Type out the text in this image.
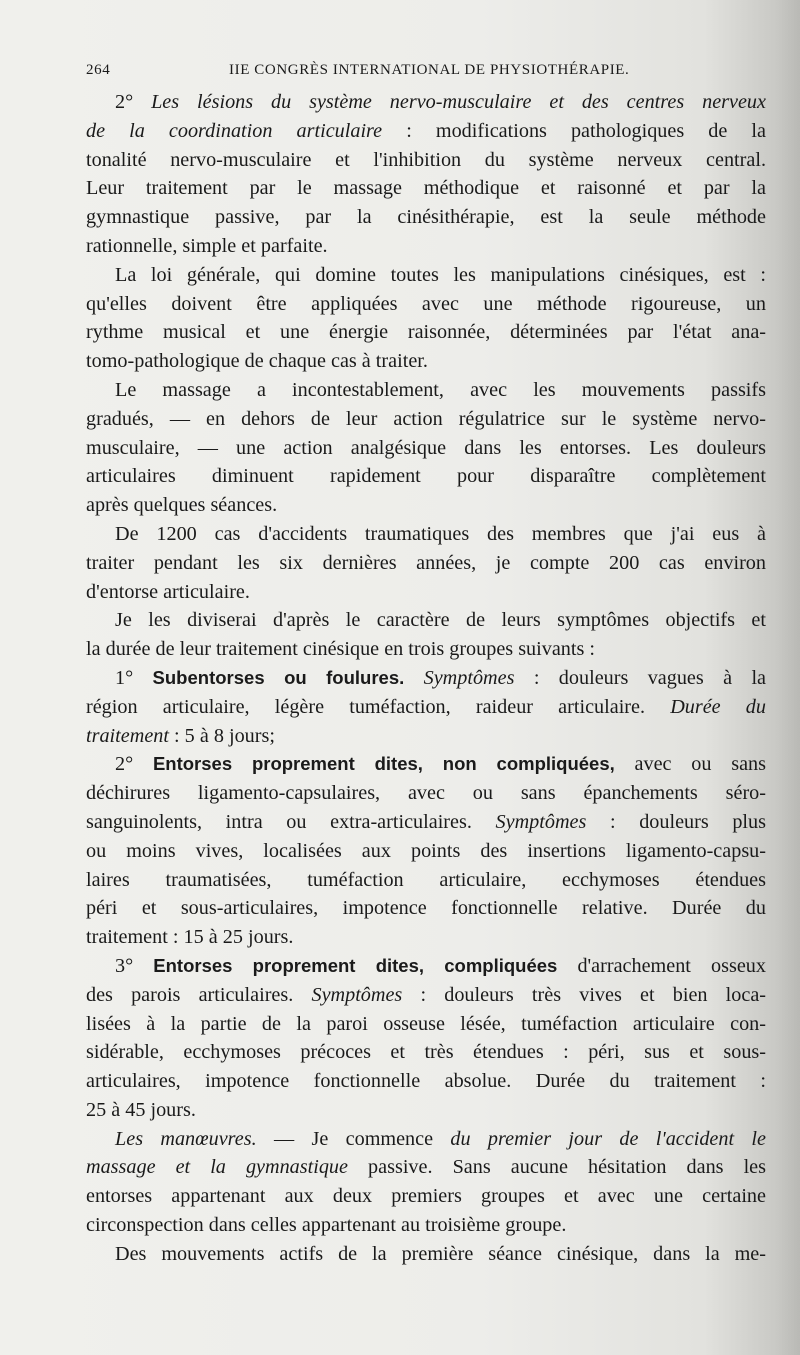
264	IIE CONGRÈS INTERNATIONAL DE PHYSIOTHÉRAPIE.
2° Les lésions du système nervo-musculaire et des centres nerveux
de la coordination articulaire : modifications pathologiques de la
tonalité nervo-musculaire et l'inhibition du système nerveux central.
Leur traitement par le massage méthodique et raisonné et par la
gymnastique passive, par la cinésithérapie, est la seule méthode
rationnelle, simple et parfaite.
La loi générale, qui domine toutes les manipulations cinésiques, est :
qu'elles doivent être appliquées avec une méthode rigoureuse, un
rythme musical et une énergie raisonnée, déterminées par l'état ana-
tomo-pathologique de chaque cas à traiter.
Le massage a incontestablement, avec les mouvements passifs
gradués, — en dehors de leur action régulatrice sur le système nervo-
musculaire, — une action analgésique dans les entorses. Les douleurs
articulaires diminuent rapidement pour disparaître complètement
après quelques séances.
De 1200 cas d'accidents traumatiques des membres que j'ai eus à
traiter pendant les six dernières années, je compte 200 cas environ
d'entorse articulaire.
Je les diviserai d'après le caractère de leurs symptômes objectifs et
la durée de leur traitement cinésique en trois groupes suivants :
1° Subentorses ou foulures. Symptômes : douleurs vagues à la
région articulaire, légère tuméfaction, raideur articulaire. Durée du
traitement : 5 à 8 jours;
2° Entorses proprement dites, non compliquées, avec ou sans
déchirures ligamento-capsulaires, avec ou sans épanchements séro-
sanguinolents, intra ou extra-articulaires. Symptômes : douleurs plus
ou moins vives, localisées aux points des insertions ligamento-capsu-
laires traumatisées, tuméfaction articulaire, ecchymoses étendues
péri et sous-articulaires, impotence fonctionnelle relative. Durée du
traitement : 15 à 25 jours.
3° Entorses proprement dites, compliquées d'arrachement osseux
des parois articulaires. Symptômes : douleurs très vives et bien loca-
lisées à la partie de la paroi osseuse lésée, tuméfaction articulaire con-
sidérable, ecchymoses précoces et très étendues : péri, sus et sous-
articulaires, impotence fonctionnelle absolue. Durée du traitement :
25 à 45 jours.
Les manœuvres. — Je commence du premier jour de l'accident le
massage et la gymnastique passive. Sans aucune hésitation dans les
entorses appartenant aux deux premiers groupes et avec une certaine
circonspection dans celles appartenant au troisième groupe.
Des mouvements actifs de la première séance cinésique, dans la me-
